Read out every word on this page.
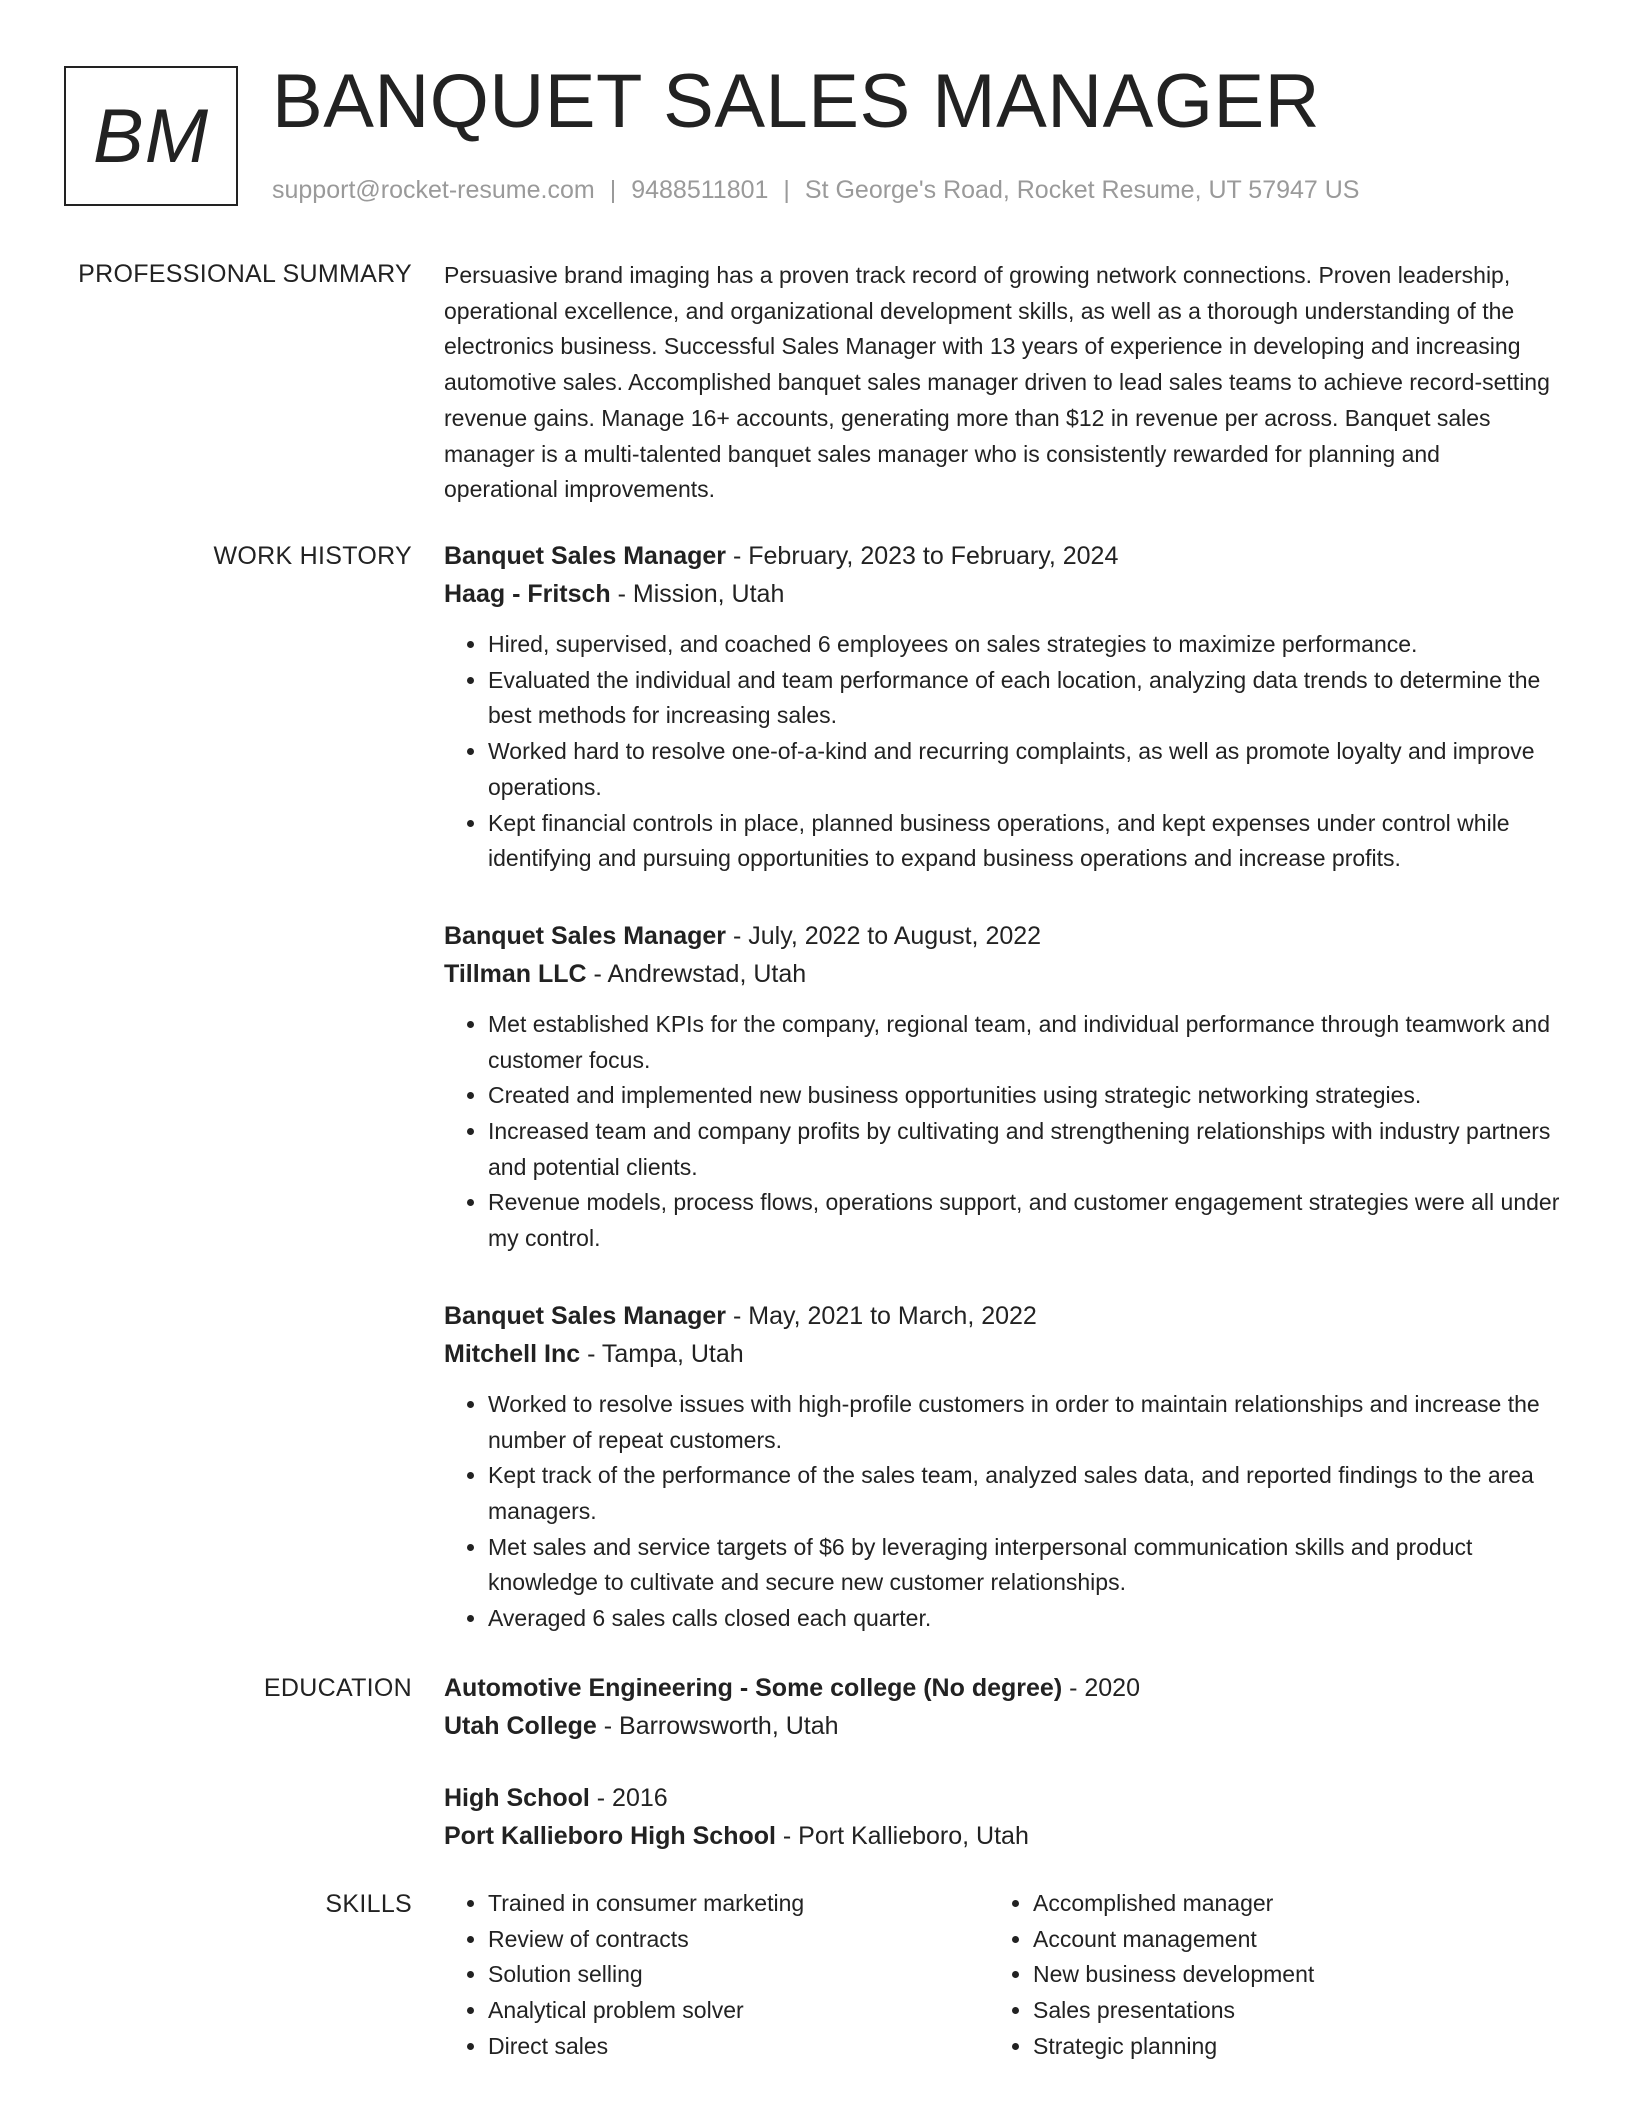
BM BANQUET SALES MANAGER
support@rocket-resume.com | 9488511801 | St George's Road, Rocket Resume, UT 57947 US
PROFESSIONAL SUMMARY Persuasive brand imaging has a proven track record of growing network connections. Proven leadership, operational excellence, and organizational development skills, as well as a thorough understanding of the electronics business. Successful Sales Manager with 13 years of experience in developing and increasing automotive sales. Accomplished banquet sales manager driven to lead sales teams to achieve record-setting revenue gains. Manage 16+ accounts, generating more than $12 in revenue per across. Banquet sales manager is a multi-talented banquet sales manager who is consistently rewarded for planning and operational improvements.

WORK HISTORY Banquet Sales Manager - February, 2023 to February, 2024
Haag - Fritsch - Mission, Utah
• Hired, supervised, and coached 6 employees on sales strategies to maximize performance.
• Evaluated the individual and team performance of each location, analyzing data trends to determine the best methods for increasing sales.
• Worked hard to resolve one-of-a-kind and recurring complaints, as well as promote loyalty and improve operations.
• Kept financial controls in place, planned business operations, and kept expenses under control while identifying and pursuing opportunities to expand business operations and increase profits.
Banquet Sales Manager - July, 2022 to August, 2022
Tillman LLC - Andrewstad, Utah
• Met established KPIs for the company, regional team, and individual performance through teamwork and customer focus.
• Created and implemented new business opportunities using strategic networking strategies.
• Increased team and company profits by cultivating and strengthening relationships with industry partners and potential clients.
• Revenue models, process flows, operations support, and customer engagement strategies were all under my control.
Banquet Sales Manager - May, 2021 to March, 2022
Mitchell Inc - Tampa, Utah
• Worked to resolve issues with high-profile customers in order to maintain relationships and increase the number of repeat customers.
• Kept track of the performance of the sales team, analyzed sales data, and reported findings to the area managers.
• Met sales and service targets of $6 by leveraging interpersonal communication skills and product knowledge to cultivate and secure new customer relationships.
• Averaged 6 sales calls closed each quarter.
EDUCATION Automotive Engineering - Some college (No degree) - 2020
Utah College - Barrowsworth, Utah
High School - 2016
Port Kallieboro High School - Port Kallieboro, Utah
SKILLS
•	Trained in consumer marketing
• Review of contracts
• Solution selling
• Analytical problem solver
• Direct sales
• Accomplished manager
• Account management
• New business development
• Sales presentations
• Strategic planning
